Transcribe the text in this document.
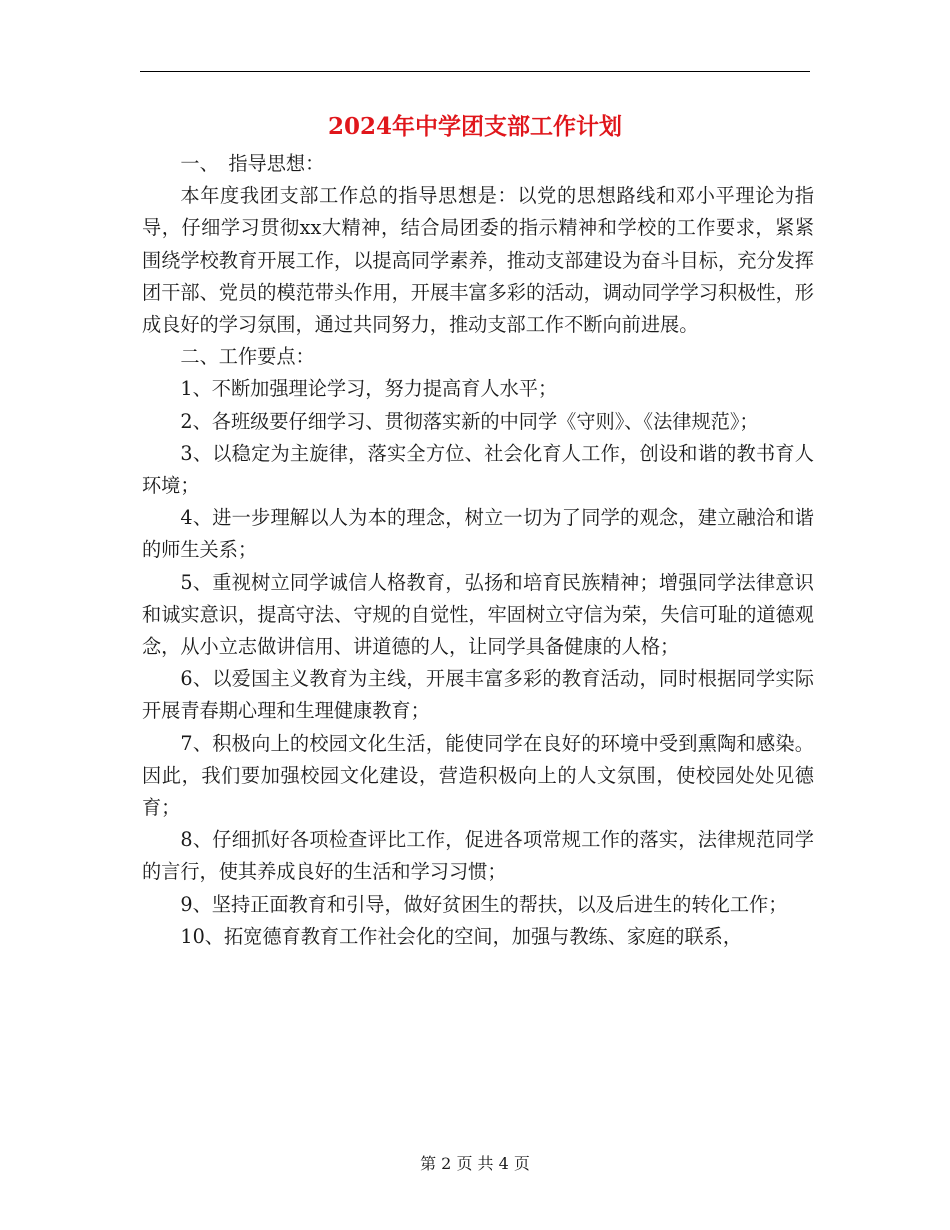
2024年中学团支部工作计划

一、　指导思想：

本年度我团支部工作总的指导思想是：以党的思想路线和邓小平理论为指导，仔细学习贯彻xx大精神，结合局团委的指示精神和学校的工作要求，紧紧围绕学校教育开展工作，以提高同学素养，推动支部建设为奋斗目标，充分发挥团干部、党员的模范带头作用，开展丰富多彩的活动，调动同学学习积极性，形成良好的学习氛围，通过共同努力，推动支部工作不断向前进展。

二、工作要点：

1、不断加强理论学习，努力提高育人水平；

2、各班级要仔细学习、贯彻落实新的中同学《守则》、《法律规范》；

3、以稳定为主旋律，落实全方位、社会化育人工作，创设和谐的教书育人环境；

4、进一步理解以人为本的理念，树立一切为了同学的观念，建立融洽和谐的师生关系；

5、重视树立同学诚信人格教育，弘扬和培育民族精神；增强同学法律意识和诚实意识，提高守法、守规的自觉性，牢固树立守信为荣，失信可耻的道德观念，从小立志做讲信用、讲道德的人，让同学具备健康的人格；

6、以爱国主义教育为主线，开展丰富多彩的教育活动，同时根据同学实际开展青春期心理和生理健康教育；

7、积极向上的校园文化生活，能使同学在良好的环境中受到熏陶和感染。因此，我们要加强校园文化建设，营造积极向上的人文氛围，使校园处处见德育；

8、仔细抓好各项检查评比工作，促进各项常规工作的落实，法律规范同学的言行，使其养成良好的生活和学习习惯；

9、坚持正面教育和引导，做好贫困生的帮扶，以及后进生的转化工作；

10、拓宽德育教育工作社会化的空间，加强与教练、家庭的联系，

第 2 页 共 4 页
